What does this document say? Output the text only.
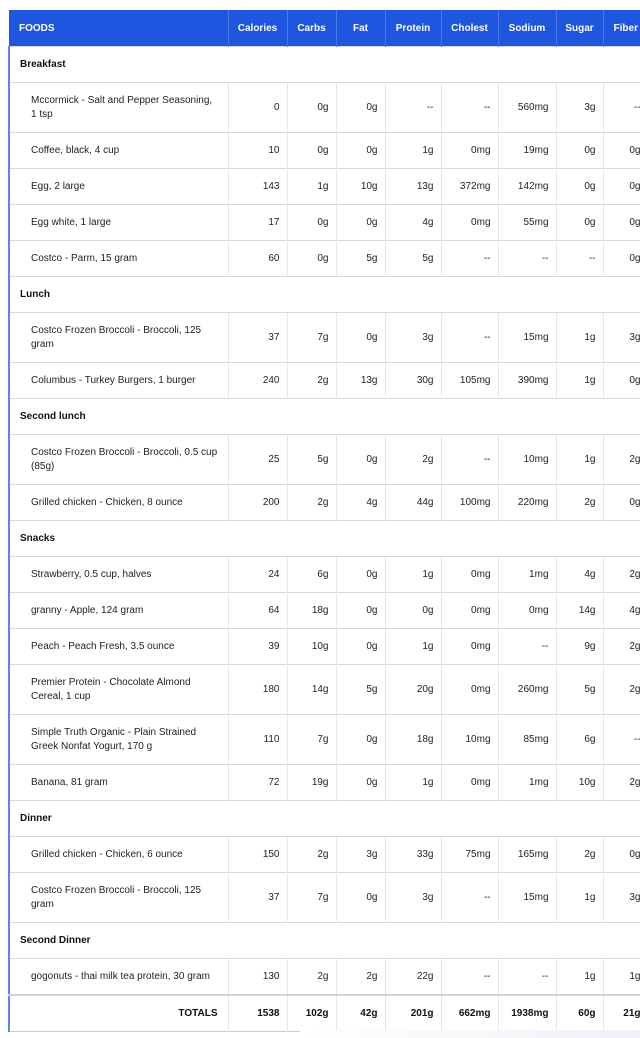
FOODS	Calories	Carbs	Fat	Protein	Cholest	Sodium	Sugar	Fiber
Breakfast								
Mccormick - Salt and Pepper Seasoning, 1 tsp	0	0g	0g	--	--	560mg	3g	--
Coffee, black, 4 cup	10	0g	0g	1g	0mg	19mg	0g	0g
Egg, 2 large	143	1g	10g	13g	372mg	142mg	0g	0g
Egg white, 1 large	17	0g	0g	4g	0mg	55mg	0g	0g
Costco - Parm, 15 gram	60	0g	5g	5g	--	--	--	0g
Lunch								
Costco Frozen Broccoli - Broccoli, 125 gram	37	7g	0g	3g	--	15mg	1g	3g
Columbus - Turkey Burgers, 1 burger	240	2g	13g	30g	105mg	390mg	1g	0g
Second lunch								
Costco Frozen Broccoli - Broccoli, 0.5 cup (85g)	25	5g	0g	2g	--	10mg	1g	2g
Grilled chicken - Chicken, 8 ounce	200	2g	4g	44g	100mg	220mg	2g	0g
Snacks								
Strawberry, 0.5 cup, halves	24	6g	0g	1g	0mg	1mg	4g	2g
granny - Apple, 124 gram	64	18g	0g	0g	0mg	0mg	14g	4g
Peach - Peach Fresh, 3.5 ounce	39	10g	0g	1g	0mg	--	9g	2g
Premier Protein - Chocolate Almond Cereal, 1 cup	180	14g	5g	20g	0mg	260mg	5g	2g
Simple Truth Organic - Plain Strained Greek Nonfat Yogurt, 170 g	110	7g	0g	18g	10mg	85mg	6g	--
Banana, 81 gram	72	19g	0g	1g	0mg	1mg	10g	2g
Dinner								
Grilled chicken - Chicken, 6 ounce	150	2g	3g	33g	75mg	165mg	2g	0g
Costco Frozen Broccoli - Broccoli, 125 gram	37	7g	0g	3g	--	15mg	1g	3g
Second Dinner								
gogonuts - thai milk tea protein, 30 gram	130	2g	2g	22g	--	--	1g	1g
TOTALS	1538	102g	42g	201g	662mg	1938mg	60g	21g
